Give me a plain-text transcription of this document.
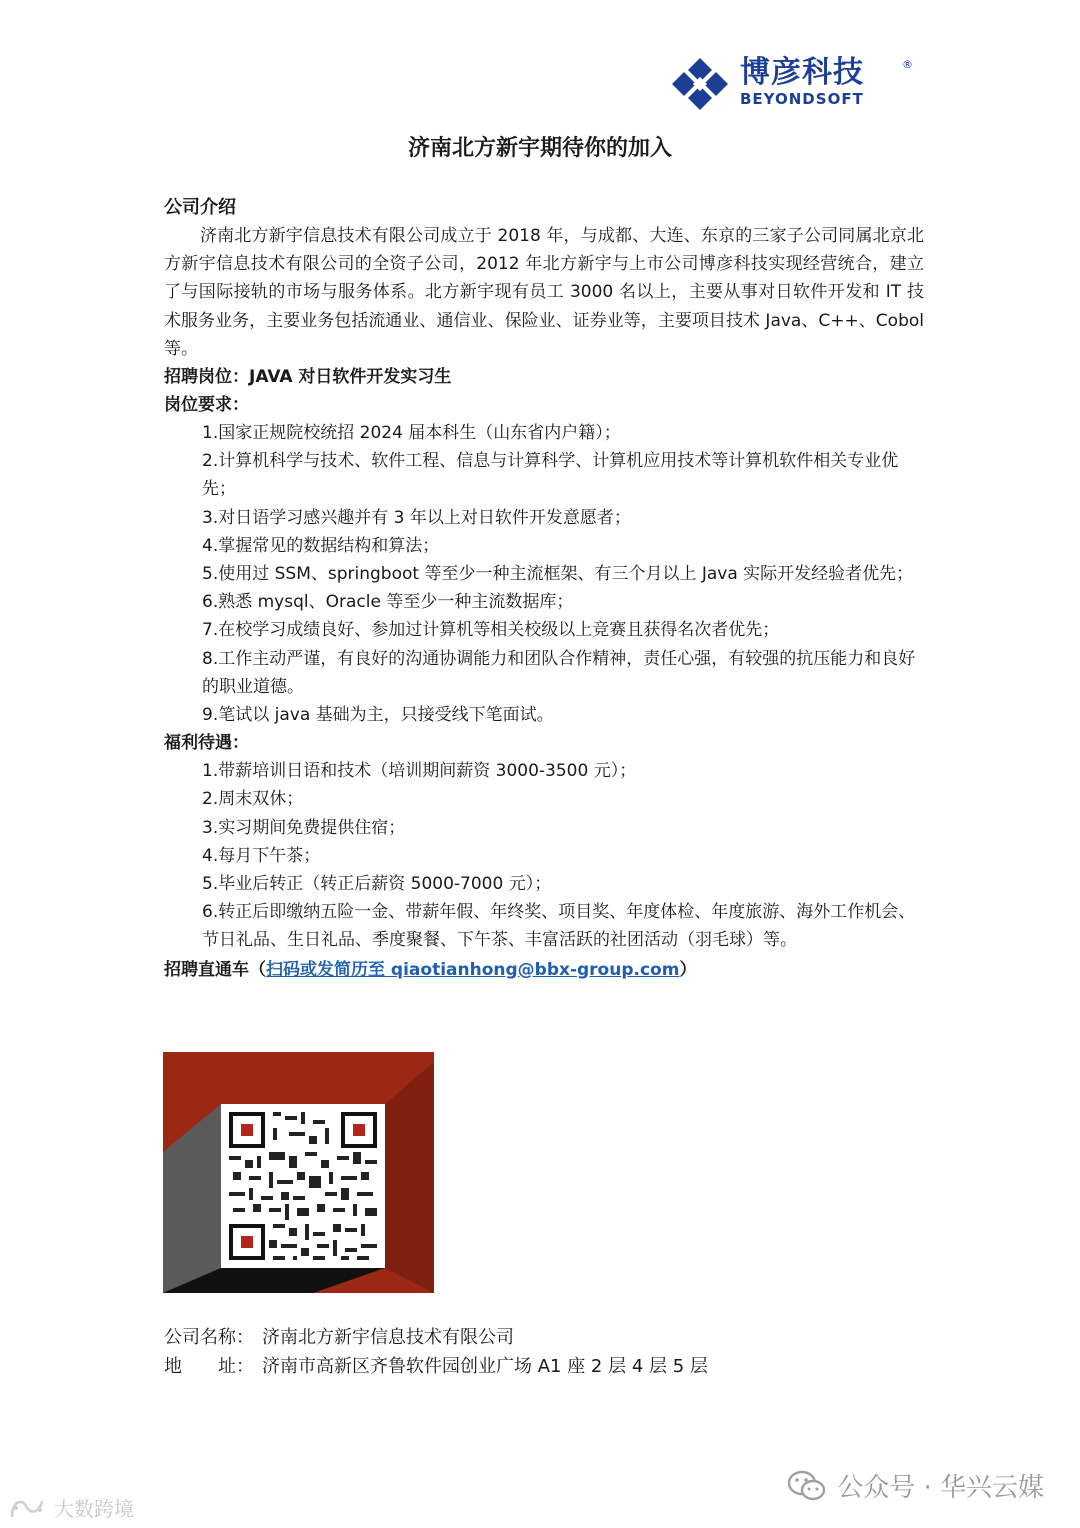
博彦科技	®
BEYONDSOFT
济南北方新宇期待你的加入

公司介绍

济南北方新宇信息技术有限公司成立于 2018 年，与成都、大连、东京的三家子公司同属北京北方新宇信息技术有限公司的全资子公司，2012 年北方新宇与上市公司博彦科技实现经营统合，建立了与国际接轨的市场与服务体系。北方新宇现有员工 3000 名以上，主要从事对日软件开发和 IT 技术服务业务，主要业务包括流通业、通信业、保险业、证券业等，主要项目技术 Java、C++、Cobol 等。

招聘岗位：JAVA 对日软件开发实习生

岗位要求：

1.国家正规院校统招 2024 届本科生（山东省内户籍）；

2.计算机科学与技术、软件工程、信息与计算科学、计算机应用技术等计算机软件相关专业优先；

3.对日语学习感兴趣并有 3 年以上对日软件开发意愿者；

4.掌握常见的数据结构和算法；

5.使用过 SSM、springboot 等至少一种主流框架、有三个月以上 Java 实际开发经验者优先；

6.熟悉 mysql、Oracle 等至少一种主流数据库；

7.在校学习成绩良好、参加过计算机等相关校级以上竞赛且获得名次者优先；

8.工作主动严谨，有良好的沟通协调能力和团队合作精神，责任心强，有较强的抗压能力和良好的职业道德。

9.笔试以 java 基础为主，只接受线下笔面试。

福利待遇：

1.带薪培训日语和技术（培训期间薪资 3000-3500 元）；

2.周末双休；

3.实习期间免费提供住宿；

4.每月下午茶；

5.毕业后转正（转正后薪资 5000-7000 元）；

6.转正后即缴纳五险一金、带薪年假、年终奖、项目奖、年度体检、年度旅游、海外工作机会、节日礼品、生日礼品、季度聚餐、下午茶、丰富活跃的社团活动（羽毛球）等。

招聘直通车（扫码或发简历至 qiaotianhong@bbx-group.com）

公司名称： 济南北方新宇信息技术有限公司
地　　址： 济南市高新区齐鲁软件园创业广场 A1 座 2 层 4 层 5 层
公众号 · 华兴云媒
大数跨境
